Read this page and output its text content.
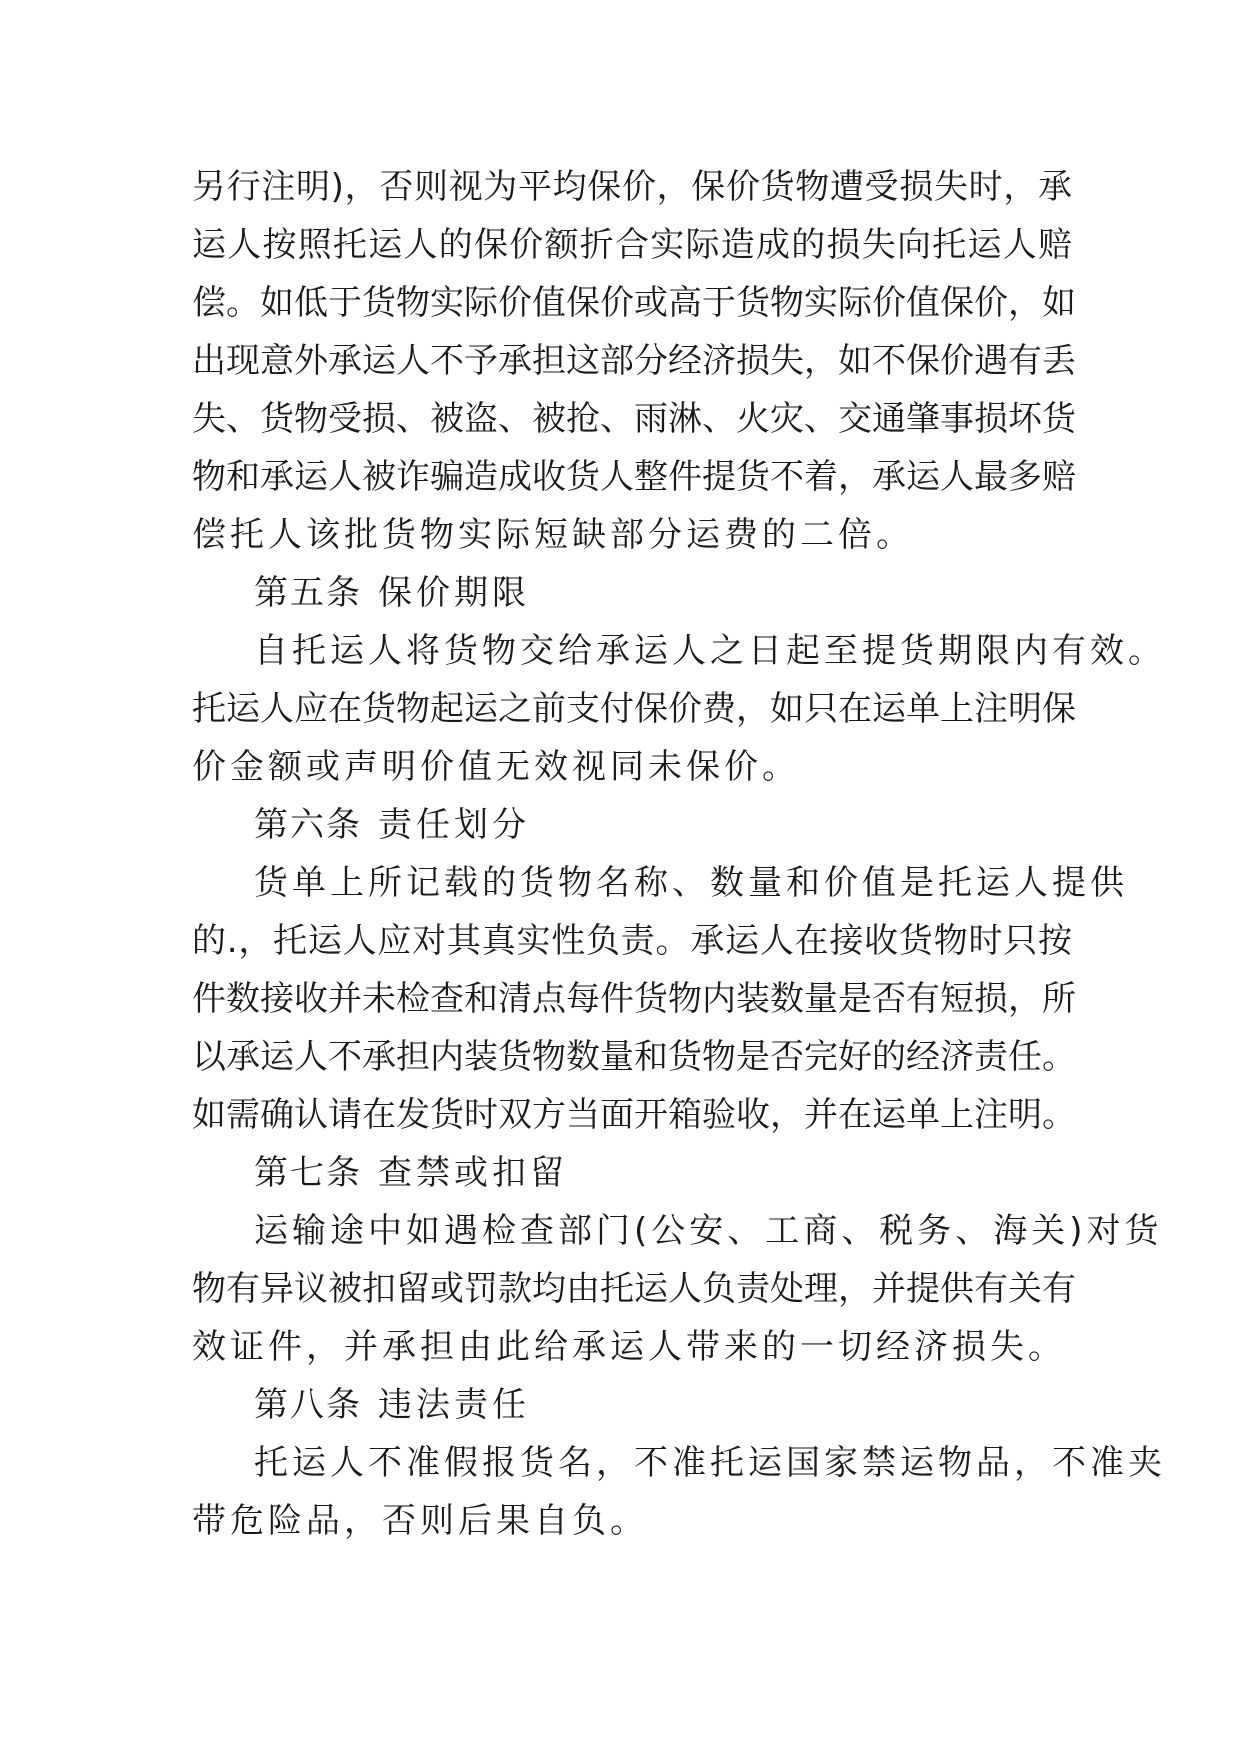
另行注明)，否则视为平均保价，保价货物遭受损失时，承
运人按照托运人的保价额折合实际造成的损失向托运人赔
偿。如低于货物实际价值保价或高于货物实际价值保价，如
出现意外承运人不予承担这部分经济损失，如不保价遇有丢
失、货物受损、被盗、被抢、雨淋、火灾、交通肇事损坏货
物和承运人被诈骗造成收货人整件提货不着，承运人最多赔
偿托人该批货物实际短缺部分运费的二倍。
第五条 保价期限
自托运人将货物交给承运人之日起至提货期限内有效。
托运人应在货物起运之前支付保价费，如只在运单上注明保
价金额或声明价值无效视同未保价。
第六条 责任划分
货单上所记载的货物名称、数量和价值是托运人提供
的.，托运人应对其真实性负责。承运人在接收货物时只按
件数接收并未检查和清点每件货物内装数量是否有短损，所
以承运人不承担内装货物数量和货物是否完好的经济责任。
如需确认请在发货时双方当面开箱验收，并在运单上注明。
第七条 查禁或扣留
运输途中如遇检查部门(公安、工商、税务、海关)对货
物有异议被扣留或罚款均由托运人负责处理，并提供有关有
效证件，并承担由此给承运人带来的一切经济损失。
第八条 违法责任
托运人不准假报货名，不准托运国家禁运物品，不准夹
带危险品，否则后果自负。
